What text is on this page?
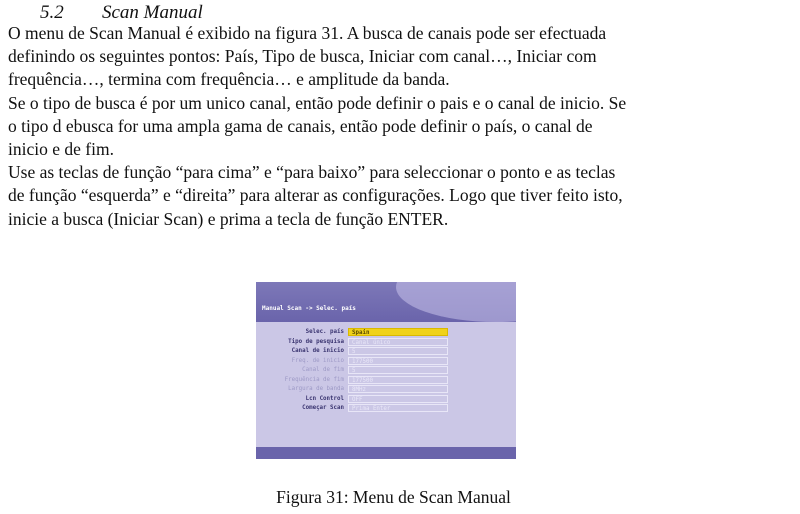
5.2 Scan Manual

O menu de Scan Manual é exibido na figura 31. A busca de canais pode ser efectuada

definindo os seguintes pontos: País, Tipo de busca, Iniciar com canal…, Iniciar com

frequência…, termina com frequência… e amplitude da banda.

Se o tipo de busca é por um unico canal, então pode definir o pais e o canal de inicio. Se

o tipo d ebusca for uma ampla gama de canais, então pode definir o país, o canal de

inicio e de fim.

Use as teclas de função “para cima” e “para baixo” para seleccionar o ponto e as teclas

de função “esquerda” e “direita” para alterar as configurações. Logo que tiver feito isto,

inicie a busca (Iniciar Scan) e prima a tecla de função ENTER.

Manual Scan -> Selec. país
Selec. país	Spain
Tipo de pesquisa	Canal único
Canal de inicio	5
Freq. de inicio	177500
Canal de fim	5
Frequência de fim	177500
Largura de banda	8MHz
Lcn Control	OFF
Começar Scan	Prima Enter
Figura 31: Menu de Scan Manual
